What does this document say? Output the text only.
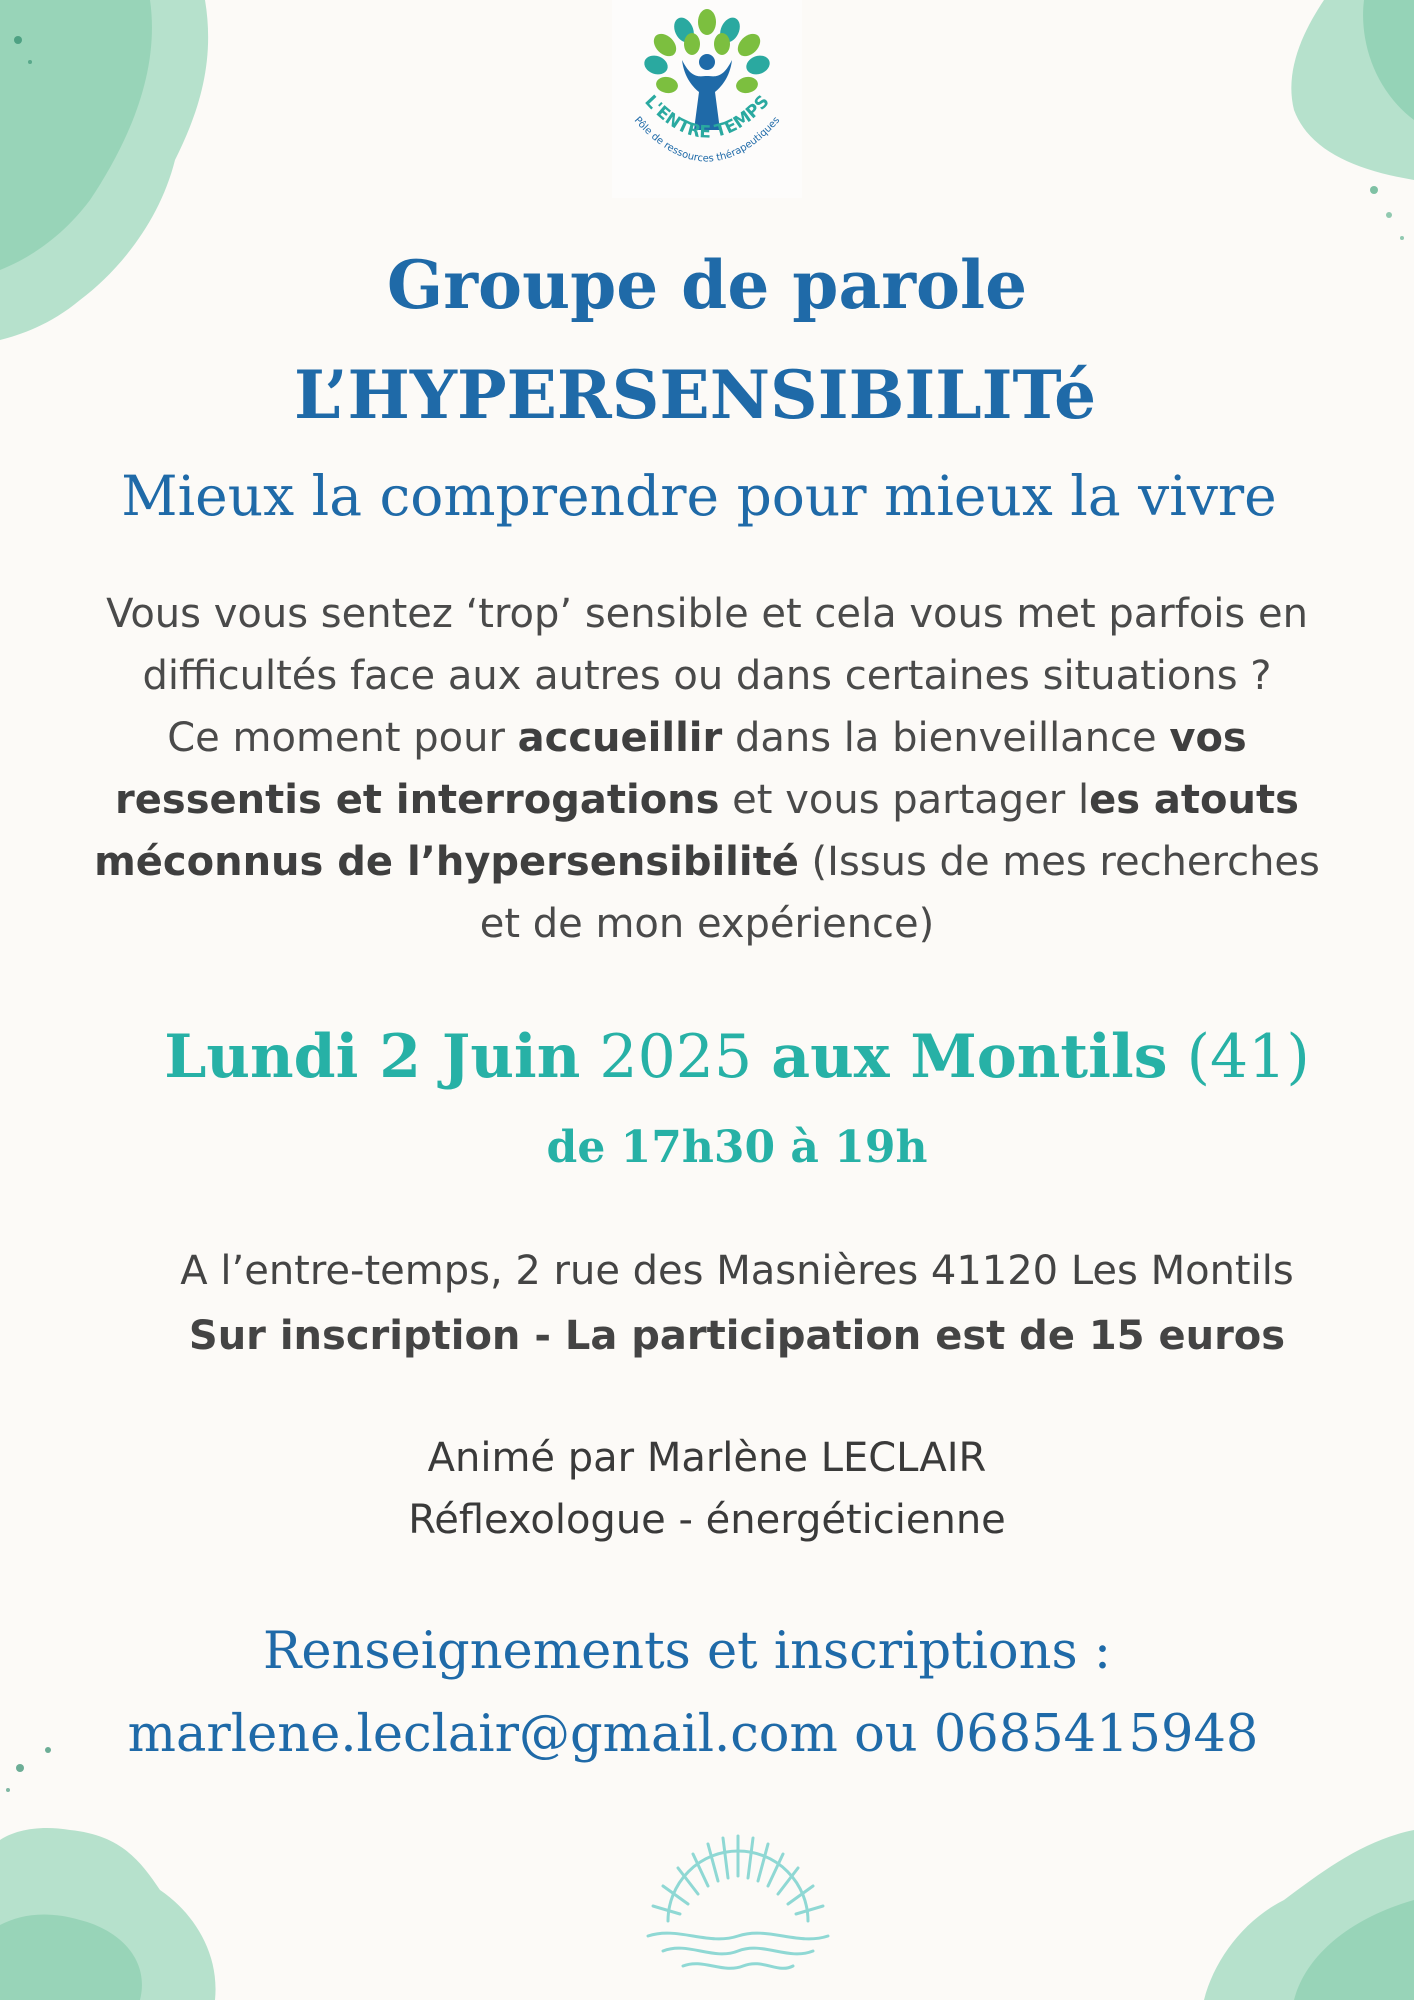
L'ENTRE TEMPS
Pôle de ressources thérapeutiques
Groupe de parole
L’HYPERSENSIBILITé
Mieux la comprendre pour mieux la vivre
Vous vous sentez ‘trop’ sensible et cela vous met parfois en
difficultés face aux autres ou dans certaines situations ?
Ce moment pour accueillir dans la bienveillance vos
ressentis et interrogations et vous partager les atouts
méconnus de l’hypersensibilité (Issus de mes recherches
et de mon expérience)
Lundi 2 Juin 2025 aux Montils (41)
de 17h30 à 19h
A l’entre-temps, 2 rue des Masnières 41120 Les Montils
Sur inscription - La participation est de 15 euros
Animé par Marlène LECLAIR
Réflexologue - énergéticienne
Renseignements et inscriptions :
marlene.leclair@gmail.com ou 0685415948
